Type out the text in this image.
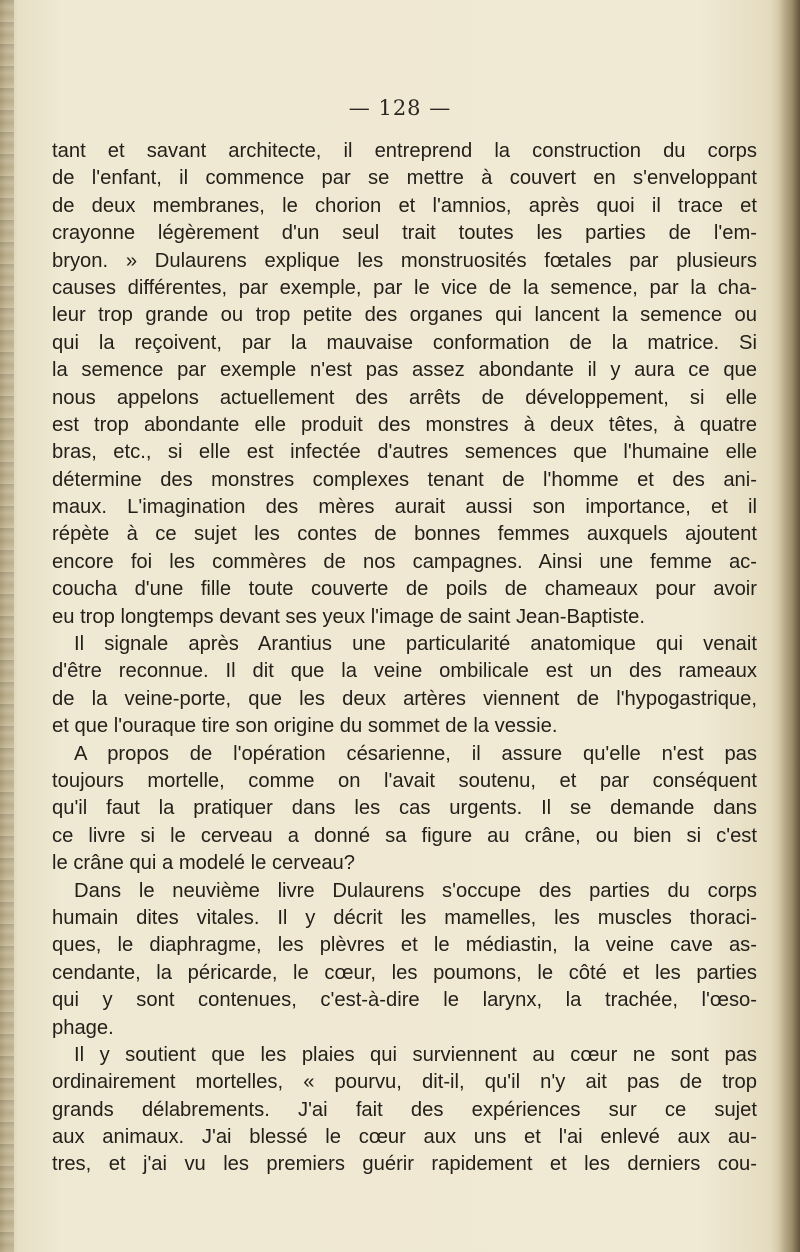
— 128 —
tant et savant architecte, il entreprend la construction du corps
de l'enfant, il commence par se mettre à couvert en s'enveloppant
de deux membranes, le chorion et l'amnios, après quoi il trace et
crayonne légèrement d'un seul trait toutes les parties de l'em-
bryon. » Dulaurens explique les monstruosités fœtales par plusieurs
causes différentes, par exemple, par le vice de la semence, par la cha-
leur trop grande ou trop petite des organes qui lancent la semence ou
qui la reçoivent, par la mauvaise conformation de la matrice. Si
la semence par exemple n'est pas assez abondante il y aura ce que
nous appelons actuellement des arrêts de développement, si elle
est trop abondante elle produit des monstres à deux têtes, à quatre
bras, etc., si elle est infectée d'autres semences que l'humaine elle
détermine des monstres complexes tenant de l'homme et des ani-
maux. L'imagination des mères aurait aussi son importance, et il
répète à ce sujet les contes de bonnes femmes auxquels ajoutent
encore foi les commères de nos campagnes. Ainsi une femme ac-
coucha d'une fille toute couverte de poils de chameaux pour avoir
eu trop longtemps devant ses yeux l'image de saint Jean-Baptiste.
Il signale après Arantius une particularité anatomique qui venait
d'être reconnue. Il dit que la veine ombilicale est un des rameaux
de la veine-porte, que les deux artères viennent de l'hypogastrique,
et que l'ouraque tire son origine du sommet de la vessie.
A propos de l'opération césarienne, il assure qu'elle n'est pas
toujours mortelle, comme on l'avait soutenu, et par conséquent
qu'il faut la pratiquer dans les cas urgents. Il se demande dans
ce livre si le cerveau a donné sa figure au crâne, ou bien si c'est
le crâne qui a modelé le cerveau?
Dans le neuvième livre Dulaurens s'occupe des parties du corps
humain dites vitales. Il y décrit les mamelles, les muscles thoraci-
ques, le diaphragme, les plèvres et le médiastin, la veine cave as-
cendante, la péricarde, le cœur, les poumons, le côté et les parties
qui y sont contenues, c'est-à-dire le larynx, la trachée, l'œso-
phage.
Il y soutient que les plaies qui surviennent au cœur ne sont pas
ordinairement mortelles, « pourvu, dit-il, qu'il n'y ait pas de trop
grands délabrements. J'ai fait des expériences sur ce sujet
aux animaux. J'ai blessé le cœur aux uns et l'ai enlevé aux au-
tres, et j'ai vu les premiers guérir rapidement et les derniers cou-
